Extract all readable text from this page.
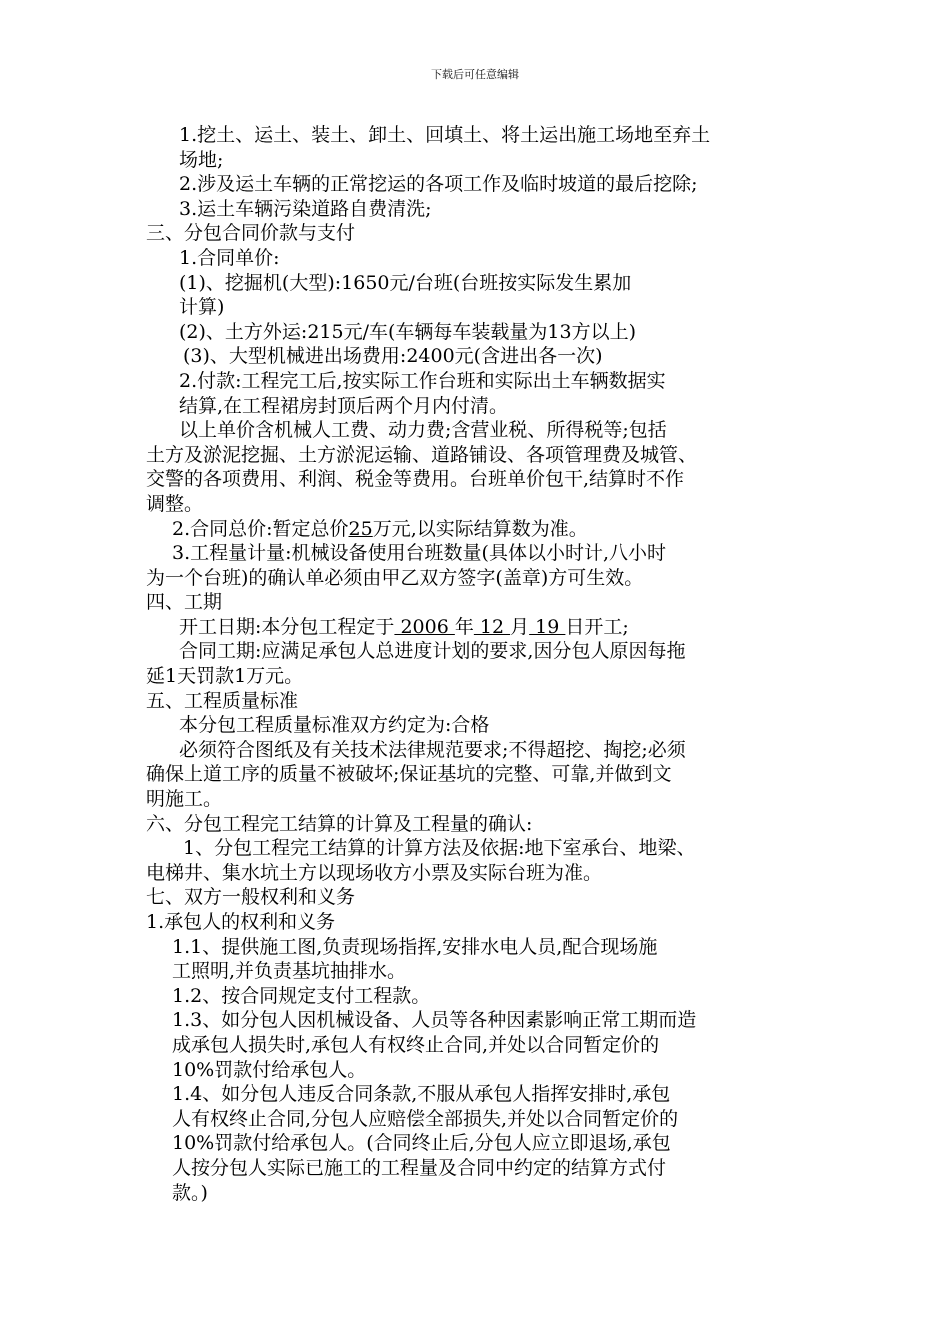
下载后可任意编辑
1.挖土、运土、装土、卸土、回填土、将土运出施工场地至弃土
场地;
2.涉及运土车辆的正常挖运的各项工作及临时坡道的最后挖除;
3.运土车辆污染道路自费清洗;
三、分包合同价款与支付
1.合同单价:
(1)、挖掘机(大型):1650元/台班(台班按实际发生累加
计算)
(2)、土方外运:215元/车(车辆每车装载量为13方以上)
(3)、大型机械进出场费用:2400元(含进出各一次)
2.付款:工程完工后,按实际工作台班和实际出土车辆数据实
结算,在工程裙房封顶后两个月内付清。
以上单价含机械人工费、动力费;含营业税、所得税等;包括
土方及淤泥挖掘、土方淤泥运输、道路铺设、各项管理费及城管、
交警的各项费用、利润、税金等费用。台班单价包干,结算时不作
调整。
2.合同总价:暂定总价25万元,以实际结算数为准。
3.工程量计量:机械设备使用台班数量(具体以小时计,八小时
为一个台班)的确认单必须由甲乙双方签字(盖章)方可生效。
四、工期
开工日期:本分包工程定于 2006 年 12 月 19 日开工;
合同工期:应满足承包人总进度计划的要求,因分包人原因每拖
延1天罚款1万元。
五、工程质量标准
本分包工程质量标准双方约定为:合格
必须符合图纸及有关技术法律规范要求;不得超挖、掏挖;必须
确保上道工序的质量不被破坏;保证基坑的完整、可靠,并做到文
明施工。
六、分包工程完工结算的计算及工程量的确认:
1、分包工程完工结算的计算方法及依据:地下室承台、地梁、
电梯井、集水坑土方以现场收方小票及实际台班为准。
七、双方一般权利和义务
1.承包人的权利和义务
1.1、提供施工图,负责现场指挥,安排水电人员,配合现场施
工照明,并负责基坑抽排水。
1.2、按合同规定支付工程款。
1.3、如分包人因机械设备、人员等各种因素影响正常工期而造
成承包人损失时,承包人有权终止合同,并处以合同暂定价的
10%罚款付给承包人。
1.4、如分包人违反合同条款,不服从承包人指挥安排时,承包
人有权终止合同,分包人应赔偿全部损失,并处以合同暂定价的
10%罚款付给承包人。(合同终止后,分包人应立即退场,承包
人按分包人实际已施工的工程量及合同中约定的结算方式付
款。)
